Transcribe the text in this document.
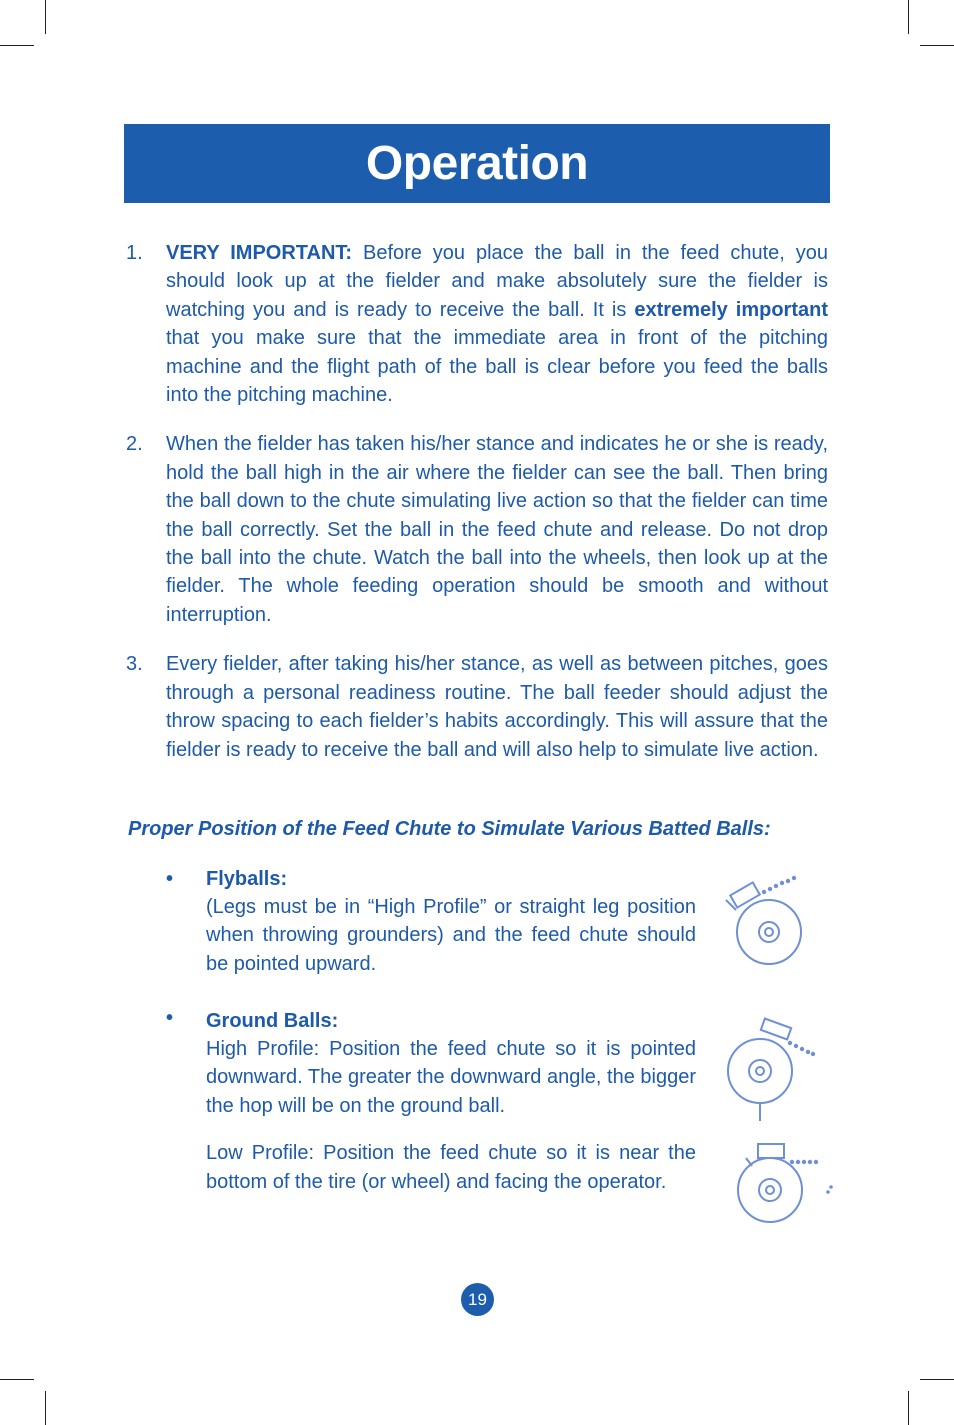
Operation
1. VERY IMPORTANT: Before you place the ball in the feed chute, you should look up at the fielder and make absolutely sure the fielder is watching you and is ready to receive the ball. It is extremely important that you make sure that the immediate area in front of the pitching machine and the flight path of the ball is clear before you feed the balls into the pitching machine.

2. When the fielder has taken his/her stance and indicates he or she is ready, hold the ball high in the air where the fielder can see the ball. Then bring the ball down to the chute simulating live action so that the fielder can time the ball correctly. Set the ball in the feed chute and release. Do not drop the ball into the chute. Watch the ball into the wheels, then look up at the fielder. The whole feeding operation should be smooth and without interruption.

3. Every fielder, after taking his/her stance, as well as between pitches, goes through a personal readiness routine. The ball feeder should adjust the throw spacing to each fielder’s habits accordingly. This will assure that the fielder is ready to receive the ball and will also help to simulate live action.

Proper Position of the Feed Chute to Simulate Various Batted Balls:

• Flyballs:

(Legs must be in “High Profile” or straight leg position when throwing grounders) and the feed chute should be pointed upward.

• Ground Balls:

High Profile: Position the feed chute so it is pointed downward. The greater the downward angle, the bigger the hop will be on the ground ball.

Low Profile: Position the feed chute so it is near the bottom of the tire (or wheel) and facing the operator.

19
